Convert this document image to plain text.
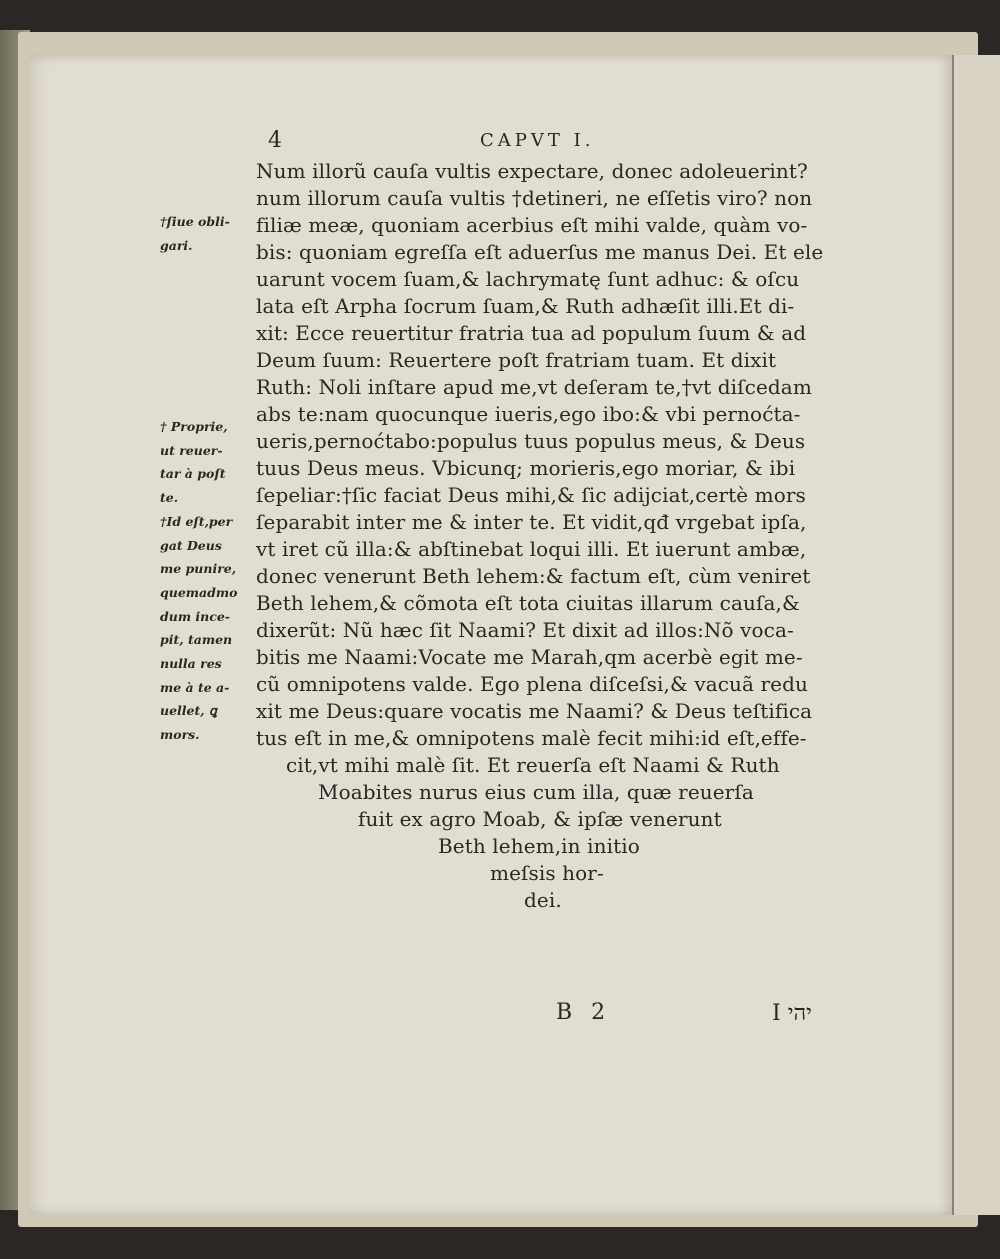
4	CAPVT I.
Num illorũ cauſa vultis expectare, donec adoleuerint?
num illorum cauſa vultis †detineri, ne eſſetis viro? non
filiæ meæ, quoniam acerbius eſt mihi valde, quàm vo-
bis: quoniam egreſſa eſt aduerſus me manus Dei. Et ele
uarunt vocem ſuam,& lachrymatę ſunt adhuc: & oſcu
lata eſt Arpha ſocrum ſuam,& Ruth adhæſit illi.Et di-
xit: Ecce reuertitur fratria tua ad populum ſuum & ad
Deum ſuum: Reuertere poſt fratriam tuam. Et dixit
Ruth: Noli inſtare apud me,vt deſeram te,†vt diſcedam
abs te:nam quocunque iueris,ego ibo:& vbi pernoćta-
ueris,pernoćtabo:populus tuus populus meus, & Deus
tuus Deus meus. Vbicunq; morieris,ego moriar, & ibi
ſepeliar:†ſic faciat Deus mihi,& ſic adijciat,certè mors
ſeparabit inter me & inter te. Et vidit,qđ vrgebat ipſa,
vt iret cũ illa:& abſtinebat loqui illi. Et iuerunt ambæ,
donec venerunt Beth lehem:& factum eſt, cùm veniret
Beth lehem,& cõmota eſt tota ciuitas illarum cauſa,&
dixerũt: Nũ hæc ſit Naami? Et dixit ad illos:Nõ voca-
bitis me Naami:Vocate me Marah,qm acerbè egit me-
cũ omnipotens valde. Ego plena diſceſsi,& vacuã redu
xit me Deus:quare vocatis me Naami? & Deus teſtifica
tus eſt in me,& omnipotens malè fecit mihi:id eſt,effe-
cit,vt mihi malè ſit. Et reuerſa eſt Naami & Ruth
Moabites nurus eius cum illa, quæ reuerſa
fuit ex agro Moab, & ipſæ venerunt
Beth lehem,in initio
meſsis hor-
dei.
†ſiue obli-
gari.
† Proprie,
ut reuer-
tar à poſt
te.
†Id eſt,per
gat Deus
me punire,
quemadmo
dum ince-
pit, tamen
nulla res
me à te a-
uellet, ꝗ
mors.
B 2	I יהי
